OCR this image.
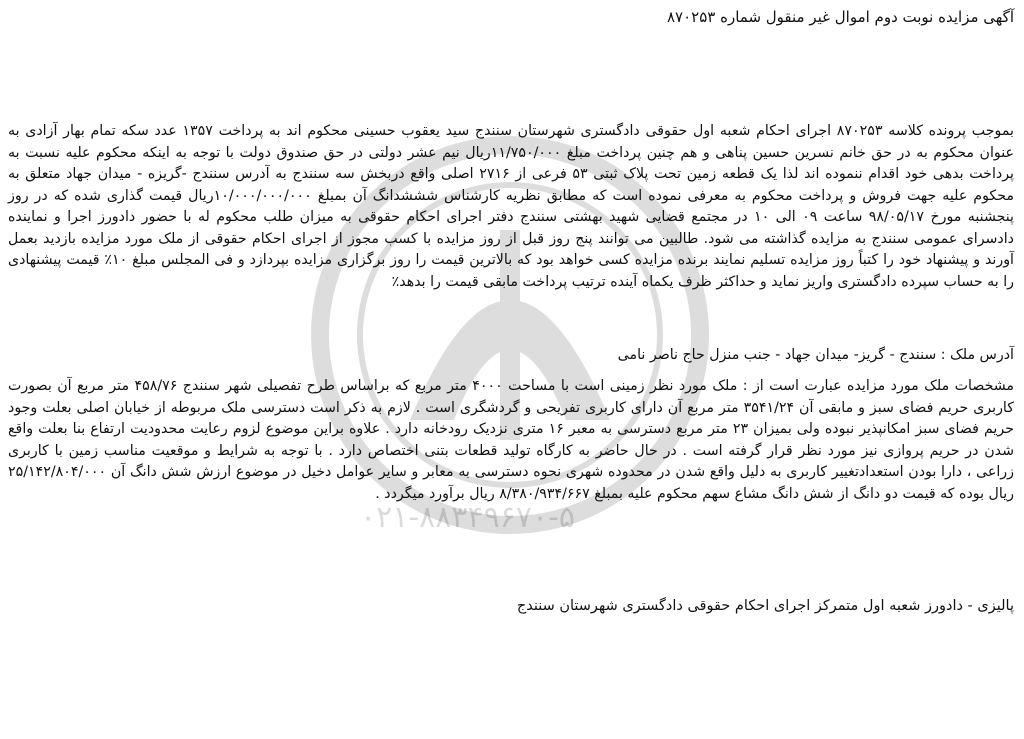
۰۲۱-۸۸۳۴۹۶۷۰-۵
آگهی مزایده نوبت دوم اموال غیر منقول شماره ۸۷۰۲۵۳
بموجب پرونده کلاسه ۸۷۰۲۵۳ اجرای احکام شعبه اول حقوقی دادگستری شهرستان سنندج سید یعقوب حسینی محکوم اند به پرداخت ۱۳۵۷ عدد سکه تمام بهار آزادی به عنوان محکوم به در حق خانم نسرین حسین پناهی و هم چنین پرداخت مبلغ ۱۱/۷۵۰/۰۰۰ریال نیم عشر دولتی در حق صندوق دولت با توجه به اینکه محکوم علیه نسبت به پرداخت بدهی خود اقدام ننموده اند لذا یک قطعه زمین تحت پلاک ثبتی ۵۳ فرعی از ۲۷۱۶ اصلی واقع دربخش سه سنندج به آدرس سنندج -گریزه - میدان جهاد متعلق به محکوم علیه جهت فروش و پرداخت محکوم به معرفی نموده است که مطابق نظریه کارشناس شششدانگ آن بمبلغ ۱۰/۰۰۰/۰۰۰/۰۰۰ریال قیمت گذاری شده که در روز پنجشنبه مورخ ۹۸/۰۵/۱۷ ساعت ۰۹ الی ۱۰ در مجتمع قضایی شهید بهشتی سنندج دفتر اجرای احکام حقوقی به میزان طلب محکوم له با حضور دادورز اجرا و نماینده دادسرای عمومی سنندج به مزایده گذاشته می شود. طالبین می توانند پنج روز قبل از روز مزایده با کسب مجوز از اجرای احکام حقوقی از ملک مورد مزایده بازدید بعمل آورند و پیشنهاد خود را کتباً روز مزایده تسلیم نمایند برنده مزایده کسی خواهد بود که بالاترین قیمت را روز برگزاری مزایده بپردازد و فی المجلس مبلغ ۱۰٪ قیمت پیشنهادی را به حساب سپرده دادگستری واریز نماید و حداکثر ظرف یکماه آینده ترتیب پرداخت مابقی قیمت را بدهد٪
آدرس ملک : سنندج - گریز- میدان جهاد - جنب منزل حاج ناصر نامی
مشخصات ملک مورد مزایده عبارت است از : ملک مورد نظر زمینی است با مساحت ۴۰۰۰ متر مربع که براساس طرح تفصیلی شهر سنندج ۴۵۸/۷۶ متر مربع آن بصورت کاربری حریم فضای سبز و مابقی آن ۳۵۴۱/۲۴ متر مربع آن دارای کاربری تفریحی و گردشگری است . لازم به ذکر است دسترسی ملک مربوطه از خیابان اصلی بعلت وجود حریم فضای سبز امکانپذیر نبوده ولی بمیزان ۲۳ متر مربع دسترسی به معبر ۱۶ متری نزدیک رودخانه دارد . علاوه براین موضوع لزوم رعایت محدودیت ارتفاع بنا بعلت واقع شدن در حریم پروازی نیز مورد نظر قرار گرفته است . در حال حاضر به کارگاه تولید قطعات بتنی اختصاص دارد . با توجه به شرایط و موقعیت مناسب زمین با کاربری زراعی ، دارا بودن استعدادتغییر کاربری به دلیل واقع شدن در محدوده شهری نحوه دسترسی به معابر و سایر عوامل دخیل در موضوع ارزش شش دانگ آن ۲۵/۱۴۲/۸۰۴/۰۰۰ ریال بوده که قیمت دو دانگ از شش دانگ مشاع سهم محکوم علیه بمبلغ ۸/۳۸۰/۹۳۴/۶۶۷ ریال برآورد میگردد .
پالیزی - دادورز شعبه اول متمرکز اجرای احکام حقوقی دادگستری شهرستان سنندج
